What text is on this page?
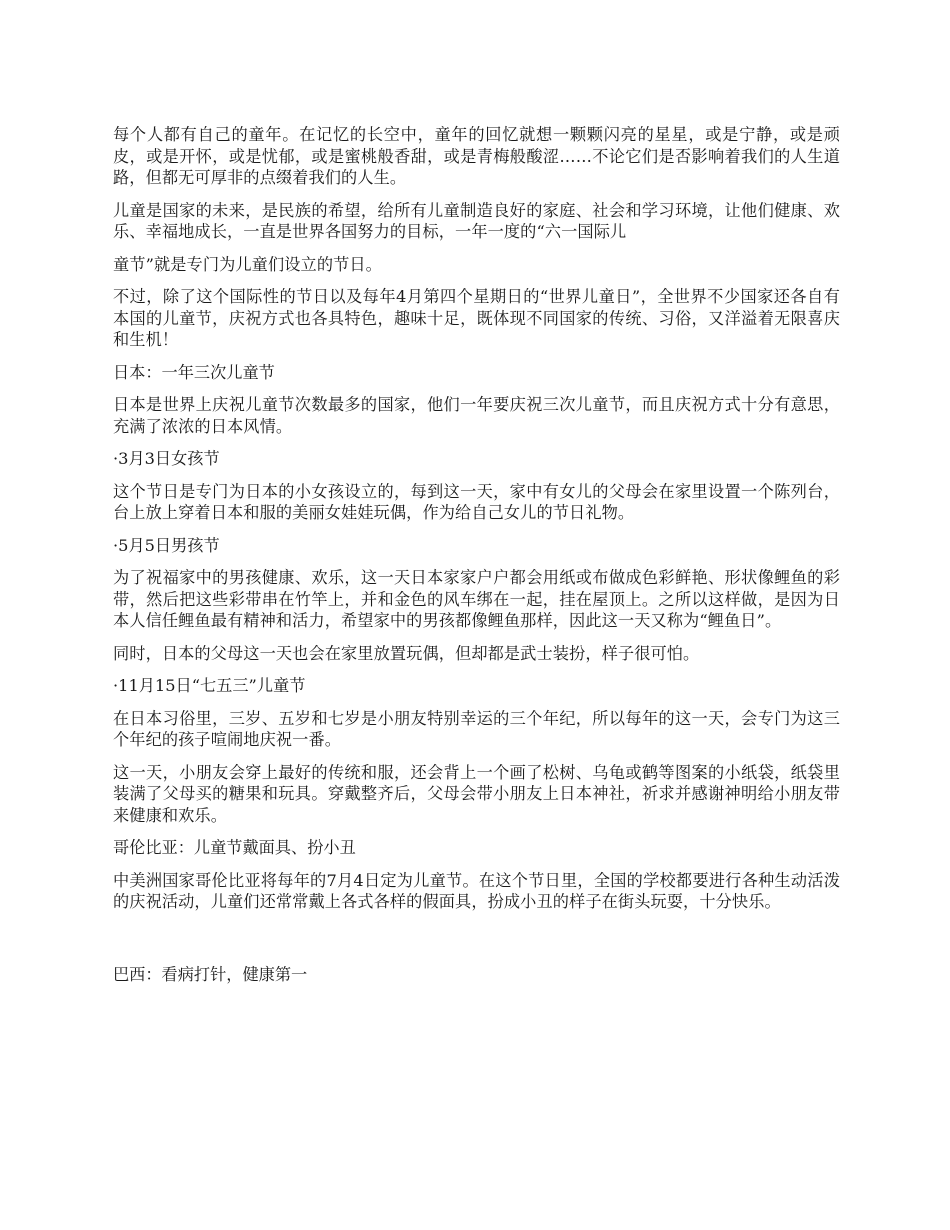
每个人都有自己的童年。在记忆的长空中，童年的回忆就想一颗颗闪亮的星星，或是宁静，或是顽皮，或是开怀，或是忧郁，或是蜜桃般香甜，或是青梅般酸涩……不论它们是否影响着我们的人生道路，但都无可厚非的点缀着我们的人生。

儿童是国家的未来，是民族的希望，给所有儿童制造良好的家庭、社会和学习环境，让他们健康、欢乐、幸福地成长，一直是世界各国努力的目标，一年一度的“六一国际儿

童节”就是专门为儿童们设立的节日。

不过，除了这个国际性的节日以及每年4月第四个星期日的“世界儿童日”，全世界不少国家还各自有本国的儿童节，庆祝方式也各具特色，趣味十足，既体现不同国家的传统、习俗，又洋溢着无限喜庆和生机！

日本：一年三次儿童节

日本是世界上庆祝儿童节次数最多的国家，他们一年要庆祝三次儿童节，而且庆祝方式十分有意思，充满了浓浓的日本风情。

·3月3日女孩节

这个节日是专门为日本的小女孩设立的，每到这一天，家中有女儿的父母会在家里设置一个陈列台，台上放上穿着日本和服的美丽女娃娃玩偶，作为给自己女儿的节日礼物。

·5月5日男孩节

为了祝福家中的男孩健康、欢乐，这一天日本家家户户都会用纸或布做成色彩鲜艳、形状像鲤鱼的彩带，然后把这些彩带串在竹竿上，并和金色的风车绑在一起，挂在屋顶上。之所以这样做，是因为日本人信任鲤鱼最有精神和活力，希望家中的男孩都像鲤鱼那样，因此这一天又称为“鲤鱼日”。

同时，日本的父母这一天也会在家里放置玩偶，但却都是武士装扮，样子很可怕。

·11月15日“七五三”儿童节

在日本习俗里，三岁、五岁和七岁是小朋友特别幸运的三个年纪，所以每年的这一天，会专门为这三个年纪的孩子喧闹地庆祝一番。

这一天，小朋友会穿上最好的传统和服，还会背上一个画了松树、乌龟或鹤等图案的小纸袋，纸袋里装满了父母买的糖果和玩具。穿戴整齐后，父母会带小朋友上日本神社，祈求并感谢神明给小朋友带来健康和欢乐。

哥伦比亚：儿童节戴面具、扮小丑

中美洲国家哥伦比亚将每年的7月4日定为儿童节。在这个节日里，全国的学校都要进行各种生动活泼的庆祝活动，儿童们还常常戴上各式各样的假面具，扮成小丑的样子在街头玩耍，十分快乐。

巴西：看病打针，健康第一
